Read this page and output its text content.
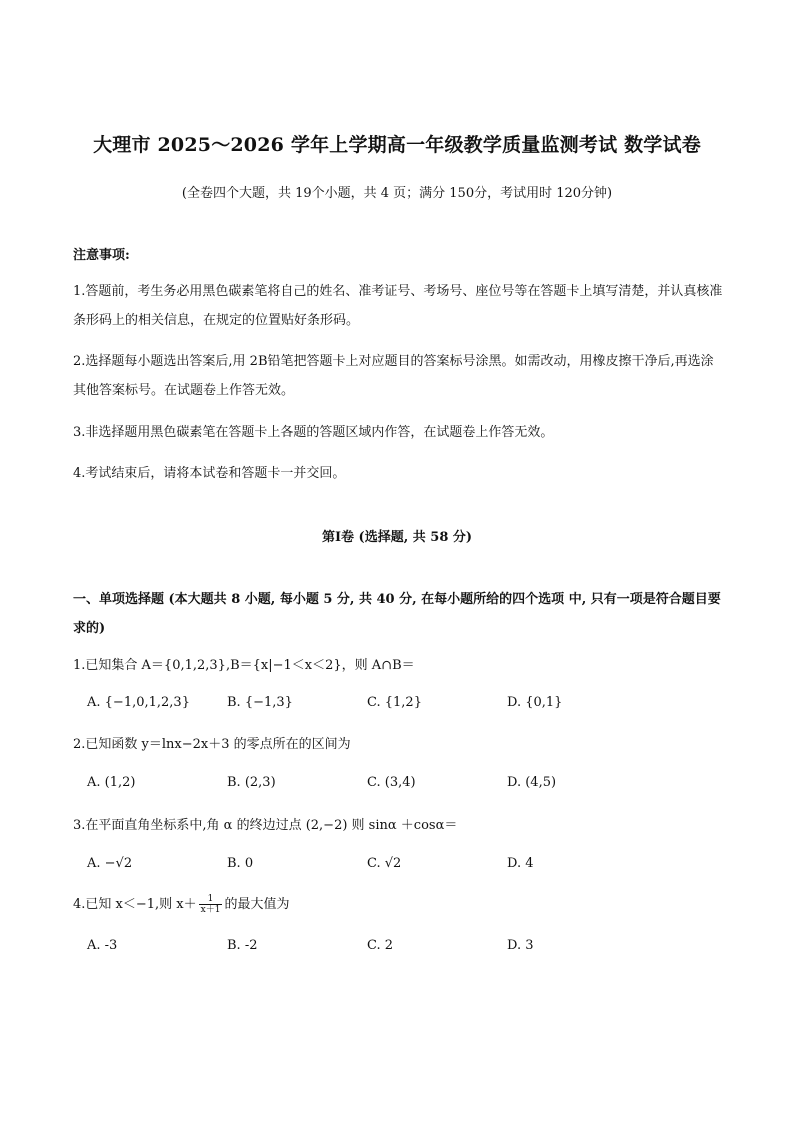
大理市 2025～2026 学年上学期高一年级教学质量监测考试 数学试卷
(全卷四个大题，共 19个小题，共 4 页；满分 150分，考试用时 120分钟)
注意事项:
1.答题前，考生务必用黑色碳素笔将自己的姓名、准考证号、考场号、座位号等在答题卡上填写清楚，并认真核准条形码上的相关信息，在规定的位置贴好条形码。
2.选择题每小题选出答案后,用 2B铅笔把答题卡上对应题目的答案标号涂黑。如需改动，用橡皮擦干净后,再选涂其他答案标号。在试题卷上作答无效。
3.非选择题用黑色碳素笔在答题卡上各题的答题区域内作答，在试题卷上作答无效。
4.考试结束后，请将本试卷和答题卡一并交回。
第Ⅰ卷 (选择题, 共 58 分)
一、单项选择题 (本大题共 8 小题, 每小题 5 分, 共 40 分, 在每小题所给的四个选项 中, 只有一项是符合题目要求的)
1.已知集合 A＝{0,1,2,3},B＝{x|−1＜x＜2}，则 A∩B＝
A. {−1,0,1,2,3}	B. {−1,3}	C. {1,2}	D. {0,1}
2.已知函数 y＝lnx−2x＋3 的零点所在的区间为
A. (1,2)	B. (2,3)	C. (3,4)	D. (4,5)
3.在平面直角坐标系中,角 α 的终边过点 (2,−2) 则 sinα ＋cosα＝
A. −√2	B. 0	C. √2	D. 4
4.已知 x＜−1,则 $x+ \frac{1}{x+1}$ 的最大值为
A. -3	B. -2	C. 2	D. 3
